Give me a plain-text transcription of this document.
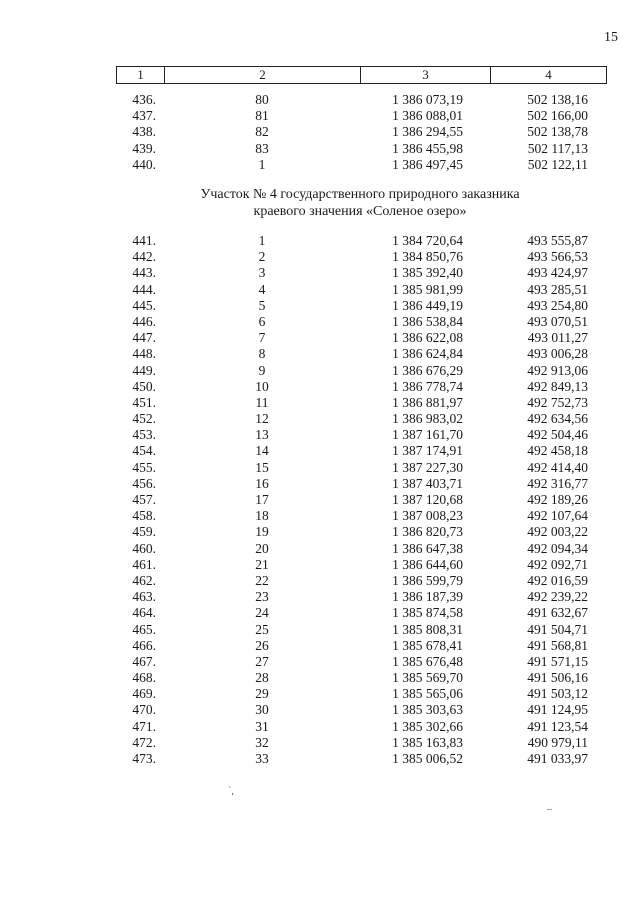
15
1	2	3	4
436.	80	1 386 073,19	502 138,16
437.	81	1 386 088,01	502 166,00
438.	82	1 386 294,55	502 138,78
439.	83	1 386 455,98	502 117,13
440.	1	1 386 497,45	502 122,11
Участок № 4 государственного природного заказника
краевого значения «Соленое озеро»
441.	1	1 384 720,64	493 555,87
442.	2	1 384 850,76	493 566,53
443.	3	1 385 392,40	493 424,97
444.	4	1 385 981,99	493 285,51
445.	5	1 386 449,19	493 254,80
446.	6	1 386 538,84	493 070,51
447.	7	1 386 622,08	493 011,27
448.	8	1 386 624,84	493 006,28
449.	9	1 386 676,29	492 913,06
450.	10	1 386 778,74	492 849,13
451.	11	1 386 881,97	492 752,73
452.	12	1 386 983,02	492 634,56
453.	13	1 387 161,70	492 504,46
454.	14	1 387 174,91	492 458,18
455.	15	1 387 227,30	492 414,40
456.	16	1 387 403,71	492 316,77
457.	17	1 387 120,68	492 189,26
458.	18	1 387 008,23	492 107,64
459.	19	1 386 820,73	492 003,22
460.	20	1 386 647,38	492 094,34
461.	21	1 386 644,60	492 092,71
462.	22	1 386 599,79	492 016,59
463.	23	1 386 187,39	492 239,22
464.	24	1 385 874,58	491 632,67
465.	25	1 385 808,31	491 504,71
466.	26	1 385 678,41	491 568,81
467.	27	1 385 676,48	491 571,15
468.	28	1 385 569,70	491 506,16
469.	29	1 385 565,06	491 503,12
470.	30	1 385 303,63	491 124,95
471.	31	1 385 302,66	491 123,54
472.	32	1 385 163,83	490 979,11
473.	33	1 385 006,52	491 033,97
`,
_
